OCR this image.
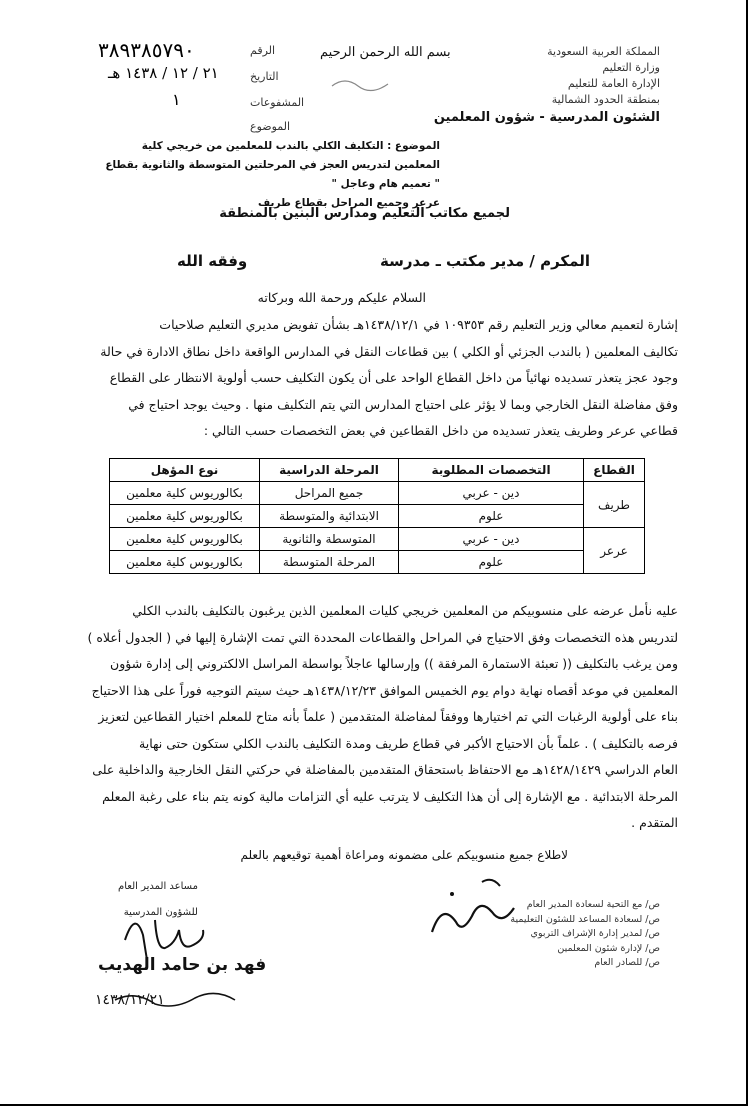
المملكة العربية السعودية
وزارة التعليم
الإدارة العامة للتعليم
بمنطقة الحدود الشمالية
الشئون المدرسية - شؤون المعلمين
بسم الله الرحمن الرحيم
الرقم
٣٨٩٣٨٥٧٩٠
التاريخ
٢١ / ١٢ / ١٤٣٨ هـ
المشفوعات
١
الموضوع
الموضوع : التكليف الكلي بالندب للمعلمين من خريجي كلية
المعلمين لتدريس العجز في المرحلتين المتوسطة والثانوية بقطاع
" تعميم هام وعاجل "
عرعر وجميع المراحل بقطاع طريف
لجميع مكاتب التعليم ومدارس البنين بالمنطقة
المكرم / مدير مكتب ـ مدرسة
وفقه الله
السلام عليكم ورحمة الله وبركاته
إشارة لتعميم معالي وزير التعليم رقم ١٠٩٣٥٣ في ١٤٣٨/١٢/١هـ بشأن تفويض مديري التعليم صلاحيات
تكاليف المعلمين ( بالندب الجزئي أو الكلي ) بين قطاعات النقل في المدارس الواقعة داخل نطاق الادارة في حالة
وجود عجز يتعذر تسديده نهائياً من داخل القطاع الواحد على أن يكون التكليف حسب أولوية الانتظار على القطاع
وفق مفاضلة النقل الخارجي وبما لا يؤثر على احتياج المدارس التي يتم التكليف منها . وحيث يوجد احتياج في
قطاعي عرعر وطريف يتعذر تسديده من داخل القطاعين في بعض التخصصات حسب التالي :
القطاع	التخصصات المطلوبة	المرحلة الدراسية	نوع المؤهل
طريف	دين - عربي	جميع المراحل	بكالوريوس كلية معلمين
	علوم	الابتدائية والمتوسطة	بكالوريوس كلية معلمين
عرعر	دين - عربي	المتوسطة والثانوية	بكالوريوس كلية معلمين
	علوم	المرحلة المتوسطة	بكالوريوس كلية معلمين
عليه نأمل عرضه على منسوبيكم من المعلمين خريجي كليات المعلمين الذين يرغبون بالتكليف بالندب الكلي
لتدريس هذه التخصصات وفق الاحتياج في المراحل والقطاعات المحددة التي تمت الإشارة إليها في ( الجدول أعلاه )
ومن يرغب بالتكليف (( تعبئة الاستمارة المرفقة )) وإرسالها عاجلاً بواسطة المراسل الالكتروني إلى إدارة شؤون
المعلمين في موعد أقصاه نهاية دوام يوم الخميس الموافق ١٤٣٨/١٢/٢٣هـ حيث سيتم التوجيه فوراً على هذا الاحتياج
بناء على أولوية الرغبات التي تم اختيارها ووفقاً لمفاضلة المتقدمين ( علماً بأنه متاح للمعلم اختيار القطاعين لتعزيز
فرصه بالتكليف ) . علماً بأن الاحتياج الأكبر في قطاع طريف ومدة التكليف بالندب الكلي ستكون حتى نهاية
العام الدراسي ١٤٢٨/١٤٢٩هـ مع الاحتفاظ باستحقاق المتقدمين بالمفاضلة في حركتي النقل الخارجية والداخلية على
المرحلة الابتدائية . مع الإشارة إلى أن هذا التكليف لا يترتب عليه أي التزامات مالية كونه يتم بناء على رغبة المعلم
المتقدم .
لاطلاع جميع منسوبيكم على مضمونه ومراعاة أهمية توقيعهم بالعلم
مساعد المدير العام
للشؤون المدرسية
فهد بن حامد الهديب
١٤٣٨/١٢/٢١
ص/ مع التحية لسعادة المدير العام
ص/ لسعادة المساعد للشئون التعليمية
ص/ لمدير إدارة الإشراف التربوي
ص/ لإدارة شئون المعلمين
ص/ للصادر العام
